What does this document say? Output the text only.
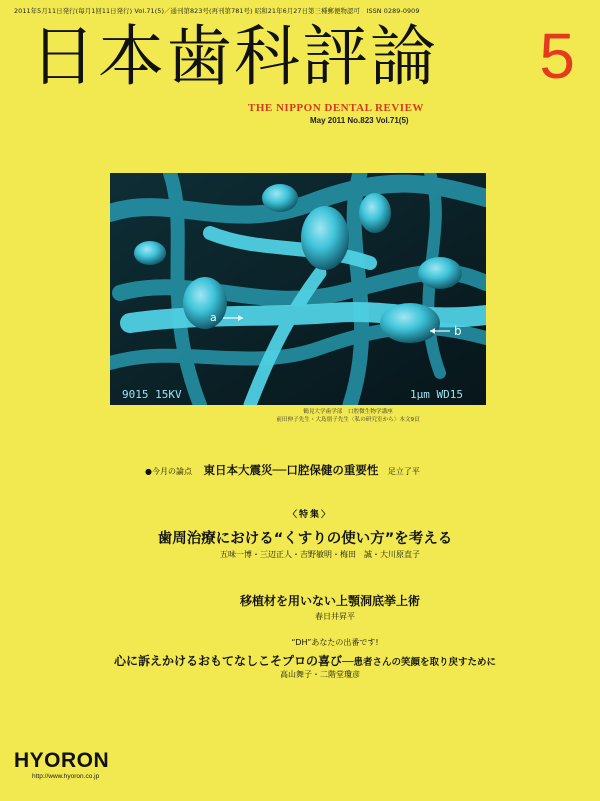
2011年5月11日発行(毎月1回11日発行) Vol.71(5)／通刊第823号(再刊第781号) 昭和21年6月27日第三種郵便物認可　ISSN 0289-0909
日本歯科評論 5
THE NIPPON DENTAL REVIEW
May 2011 No.823 Vol.71(5)
a
b
9015 15KV	1μm WD15
鶴見大学歯学部　口腔微生物学講座
前田伸子先生・大島朋子先生〈私の研究室から〉本文9頁
●今月の論点 東日本大震災──口腔保健の重要性 足立了平
〈特集〉
歯周治療における“くすりの使い方”を考える
五味一博・三辺正人・吉野敏明・梅田　誠・大川原直子
移植材を用いない上顎洞底挙上術
春日井昇平
“DH”あなたの出番です!
心に訴えかけるおもてなしこそプロの喜び──患者さんの笑顔を取り戻すために
高山舞子・二階堂瓊彦
HYORON
http://www.hyoron.co.jp
